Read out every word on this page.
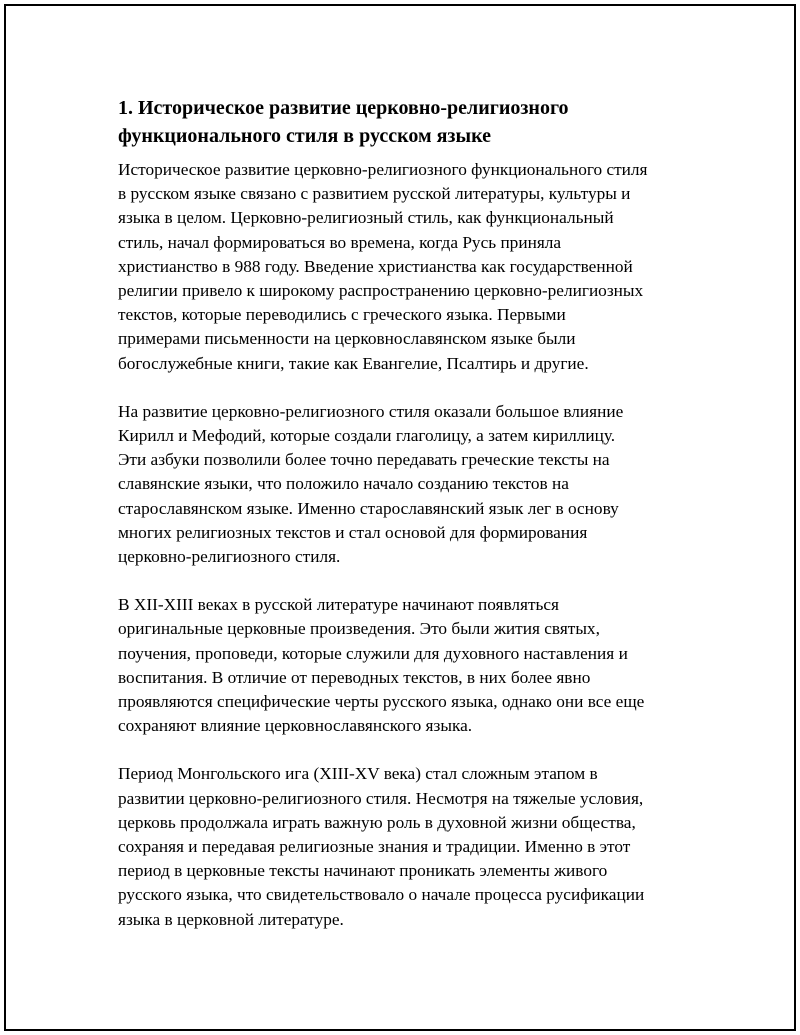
1. Историческое развитие церковно-религиозного
функционального стиля в русском языке

Историческое развитие церковно-религиозного функционального стиля
в русском языке связано с развитием русской литературы, культуры и
языка в целом. Церковно-религиозный стиль, как функциональный
стиль, начал формироваться во времена, когда Русь приняла
христианство в 988 году. Введение христианства как государственной
религии привело к широкому распространению церковно-религиозных
текстов, которые переводились с греческого языка. Первыми
примерами письменности на церковнославянском языке были
богослужебные книги, такие как Евангелие, Псалтирь и другие.

На развитие церковно-религиозного стиля оказали большое влияние
Кирилл и Мефодий, которые создали глаголицу, а затем кириллицу.
Эти азбуки позволили более точно передавать греческие тексты на
славянские языки, что положило начало созданию текстов на
старославянском языке. Именно старославянский язык лег в основу
многих религиозных текстов и стал основой для формирования
церковно-религиозного стиля.

В XII-XIII веках в русской литературе начинают появляться
оригинальные церковные произведения. Это были жития святых,
поучения, проповеди, которые служили для духовного наставления и
воспитания. В отличие от переводных текстов, в них более явно
проявляются специфические черты русского языка, однако они все еще
сохраняют влияние церковнославянского языка.

Период Монгольского ига (XIII-XV века) стал сложным этапом в
развитии церковно-религиозного стиля. Несмотря на тяжелые условия,
церковь продолжала играть важную роль в духовной жизни общества,
сохраняя и передавая религиозные знания и традиции. Именно в этот
период в церковные тексты начинают проникать элементы живого
русского языка, что свидетельствовало о начале процесса русификации
языка в церковной литературе.
